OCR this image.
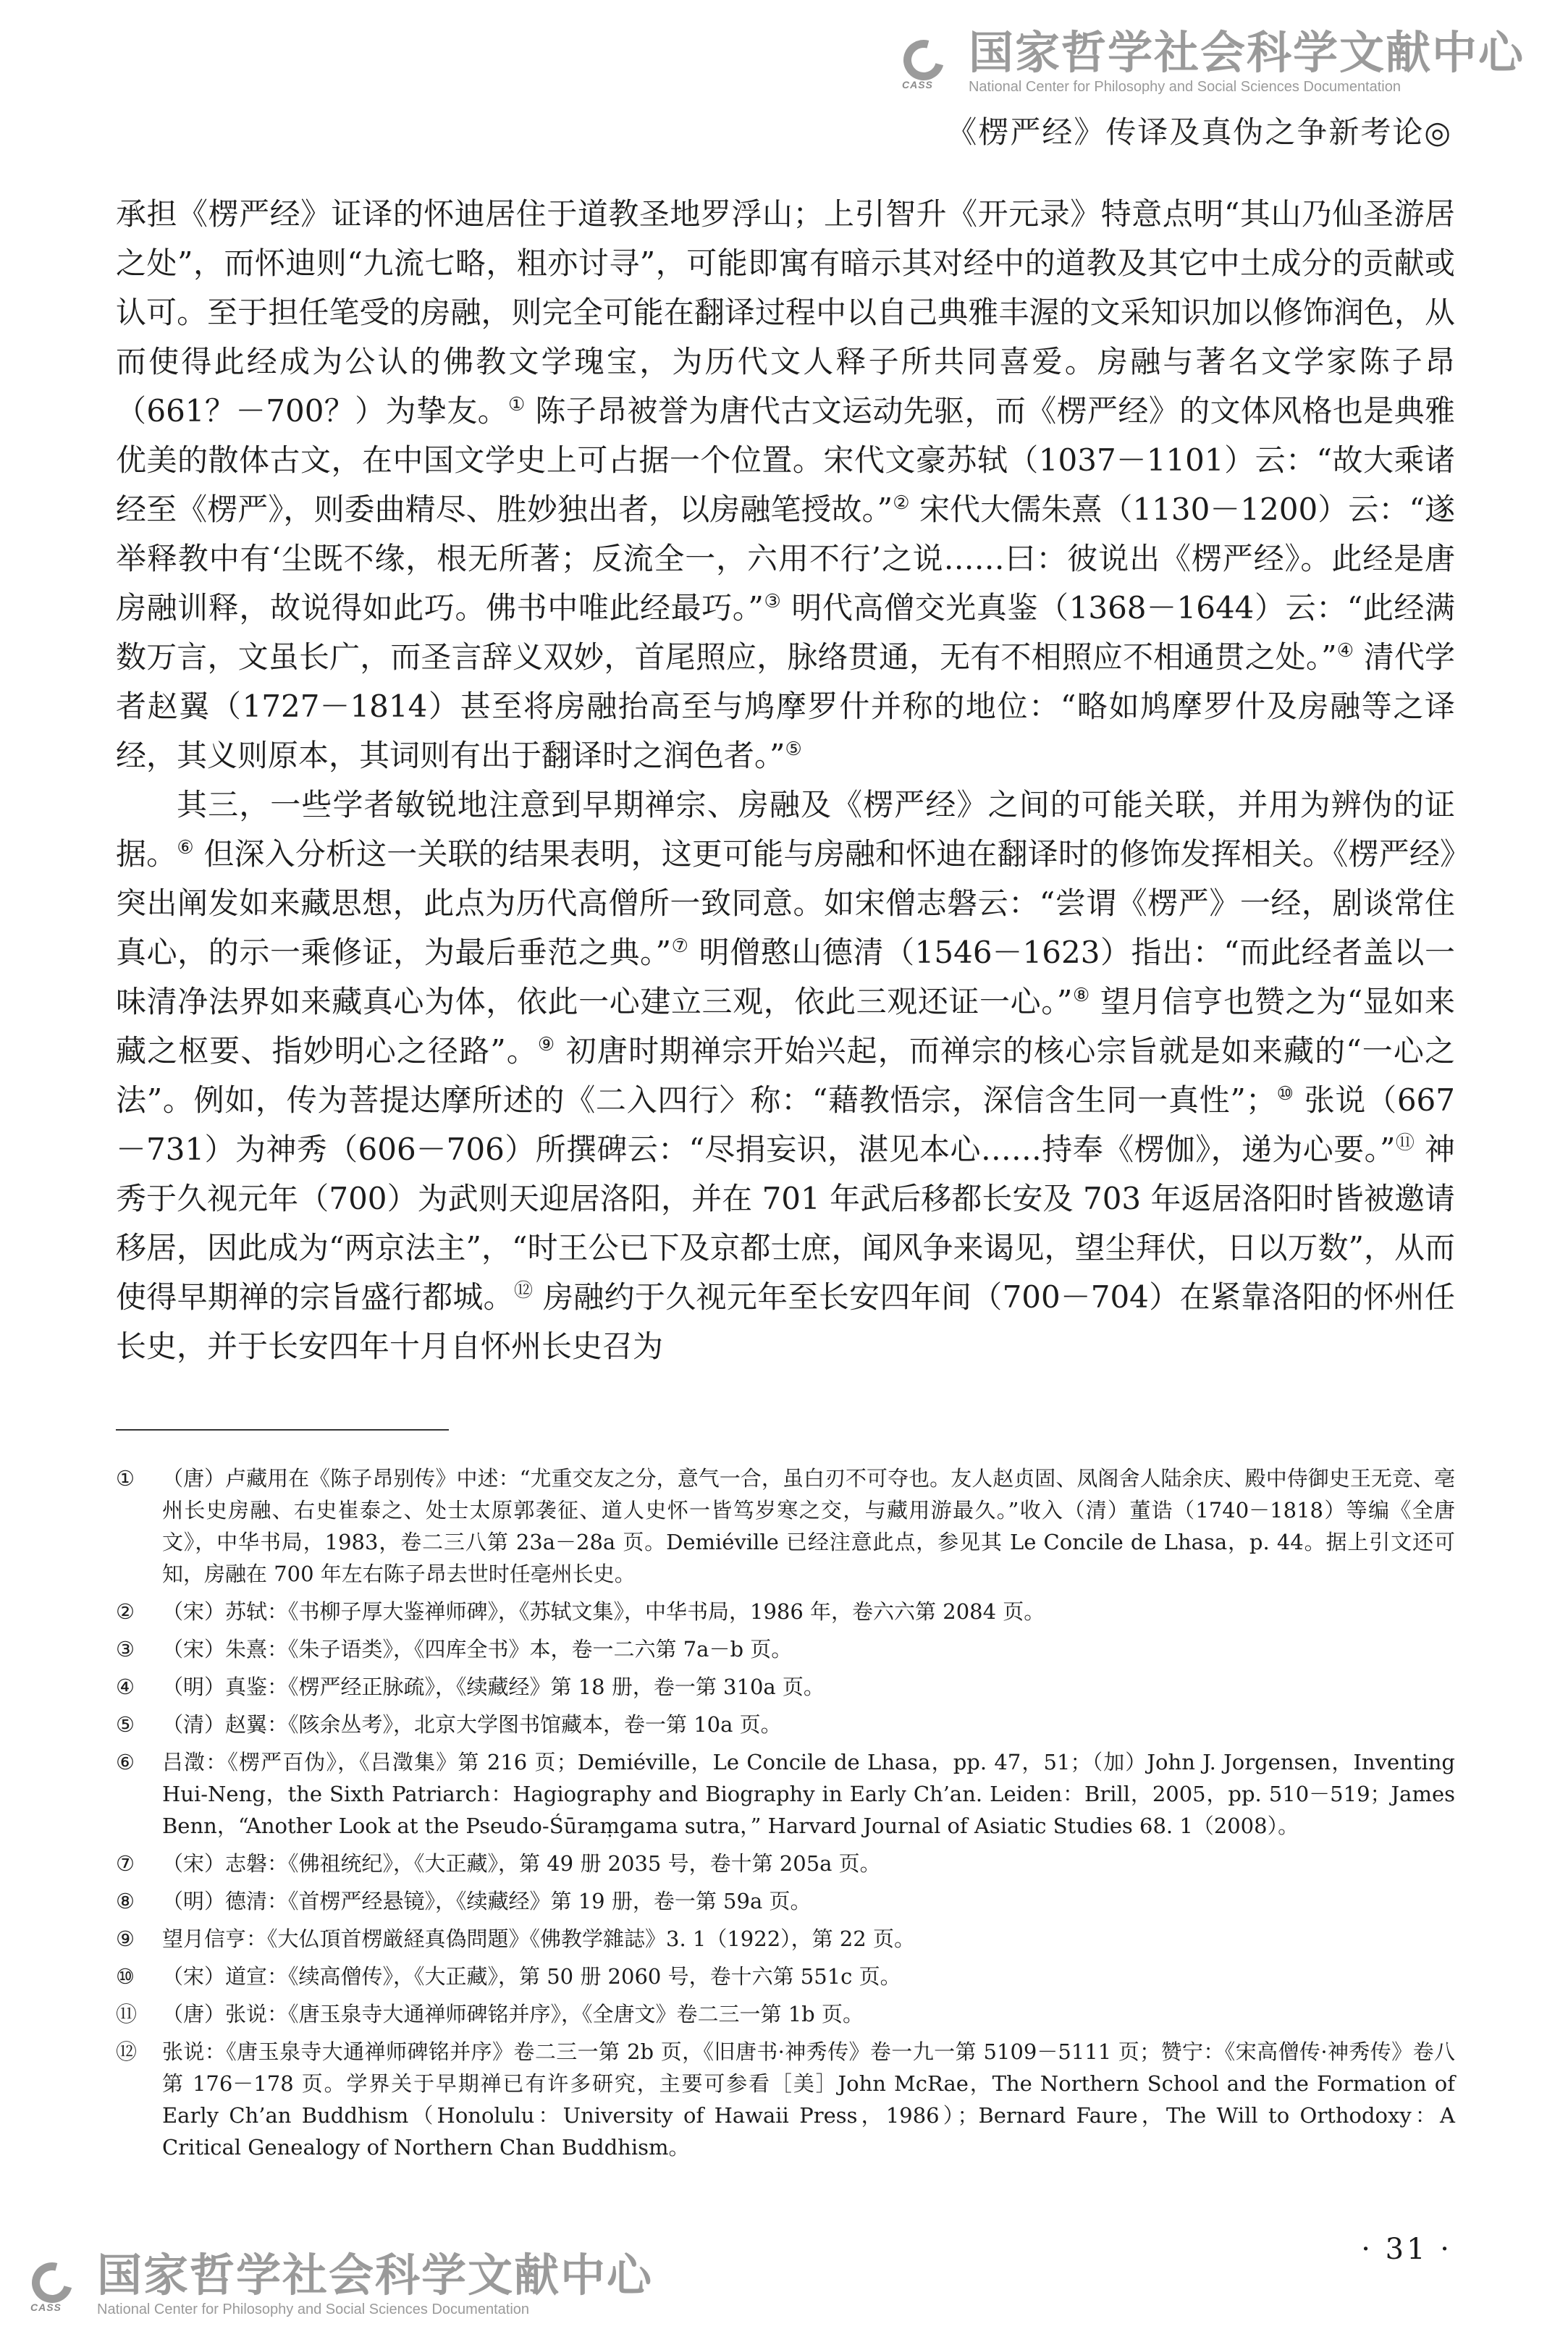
CASS
国家哲学社会科学文献中心
National Center for Philosophy and Social Sciences Documentation
《楞严经》传译及真伪之争新考论◎

承担《楞严经》证译的怀迪居住于道教圣地罗浮山；上引智升《开元录》特意点明“其山乃仙圣游居之处”，而怀迪则“九流七略，粗亦讨寻”，可能即寓有暗示其对经中的道教及其它中土成分的贡献或认可。至于担任笔受的房融，则完全可能在翻译过程中以自己典雅丰渥的文采知识加以修饰润色，从而使得此经成为公认的佛教文学瑰宝，为历代文人释子所共同喜爱。房融与著名文学家陈子昂（661？－700？）为挚友。① 陈子昂被誉为唐代古文运动先驱，而《楞严经》的文体风格也是典雅优美的散体古文，在中国文学史上可占据一个位置。宋代文豪苏轼（1037－1101）云：“故大乘诸经至《楞严》，则委曲精尽、胜妙独出者，以房融笔授故。”② 宋代大儒朱熹（1130－1200）云：“遂举释教中有‘尘既不缘，根无所著；反流全一，六用不行’之说……曰：彼说出《楞严经》。此经是唐房融训释，故说得如此巧。佛书中唯此经最巧。”③ 明代高僧交光真鉴（1368－1644）云：“此经满数万言，文虽长广，而圣言辞义双妙，首尾照应，脉络贯通，无有不相照应不相通贯之处。”④ 清代学者赵翼（1727－1814）甚至将房融抬高至与鸠摩罗什并称的地位：“略如鸠摩罗什及房融等之译经，其义则原本，其词则有出于翻译时之润色者。”⑤

其三，一些学者敏锐地注意到早期禅宗、房融及《楞严经》之间的可能关联，并用为辨伪的证据。⑥ 但深入分析这一关联的结果表明，这更可能与房融和怀迪在翻译时的修饰发挥相关。《楞严经》突出阐发如来藏思想，此点为历代高僧所一致同意。如宋僧志磐云：“尝谓《楞严》一经，剧谈常住真心，的示一乘修证，为最后垂范之典。”⑦ 明僧憨山德清（1546－1623）指出：“而此经者盖以一味清净法界如来藏真心为体，依此一心建立三观，依此三观还证一心。”⑧ 望月信亨也赞之为“显如来藏之枢要、指妙明心之径路”。⑨ 初唐时期禅宗开始兴起，而禅宗的核心宗旨就是如来藏的“一心之法”。例如，传为菩提达摩所述的《二入四行〉称：“藉教悟宗，深信含生同一真性”；⑩ 张说（667－731）为神秀（606－706）所撰碑云：“尽捐妄识，湛见本心……持奉《楞伽》，递为心要。”⑪ 神秀于久视元年（700）为武则天迎居洛阳，并在 701 年武后移都长安及 703 年返居洛阳时皆被邀请移居，因此成为“两京法主”，“时王公已下及京都士庶，闻风争来谒见，望尘拜伏，日以万数”，从而使得早期禅的宗旨盛行都城。⑫ 房融约于久视元年至长安四年间（700－704）在紧靠洛阳的怀州任长史，并于长安四年十月自怀州长史召为

①	（唐）卢藏用在《陈子昂别传》中述：“尤重交友之分，意气一合，虽白刃不可夺也。友人赵贞固、凤阁舍人陆余庆、殿中侍御史王无竞、亳州长史房融、右史崔泰之、处士太原郭袭征、道人史怀一皆笃岁寒之交，与藏用游最久。”收入（清）董诰（1740－1818）等编《全唐文》，中华书局，1983，卷二三八第 23a－28a 页。Demiéville 已经注意此点，参见其 Le Concile de Lhasa，p. 44。据上引文还可知，房融在 700 年左右陈子昂去世时任亳州长史。
②	（宋）苏轼：《书柳子厚大鉴禅师碑》，《苏轼文集》，中华书局，1986 年，卷六六第 2084 页。
③	（宋）朱熹：《朱子语类》，《四库全书》本，卷一二六第 7a－b 页。
④	（明）真鉴：《楞严经正脉疏》，《续藏经》第 18 册，卷一第 310a 页。
⑤	（清）赵翼：《陔余丛考》，北京大学图书馆藏本，卷一第 10a 页。
⑥	吕澂：《楞严百伪》，《吕澂集》第 216 页；Demiéville，Le Concile de Lhasa，pp. 47，51；（加）John J. Jorgensen，Inventing Hui-Neng，the Sixth Patriarch：Hagiography and Biography in Early Ch’an. Leiden：Brill，2005，pp. 510－519；James Benn，“Another Look at the Pseudo-Śūraṃgama sutra，” Harvard Journal of Asiatic Studies 68. 1（2008）。
⑦	（宋）志磐：《佛祖统纪》，《大正藏》，第 49 册 2035 号，卷十第 205a 页。
⑧	（明）德清：《首楞严经悬镜》，《续藏经》第 19 册，卷一第 59a 页。
⑨	望月信亨：《大仏頂首楞厳経真偽問題》《佛教学雜誌》3. 1（1922），第 22 页。
⑩	（宋）道宣：《续高僧传》，《大正藏》，第 50 册 2060 号，卷十六第 551c 页。
⑪	（唐）张说：《唐玉泉寺大通禅师碑铭并序》，《全唐文》卷二三一第 1b 页。
⑫	张说：《唐玉泉寺大通禅师碑铭并序》卷二三一第 2b 页，《旧唐书·神秀传》卷一九一第 5109－5111 页；赞宁：《宋高僧传·神秀传》卷八第 176－178 页。学界关于早期禅已有许多研究，主要可参看［美］John McRae，The Northern School and the Formation of Early Ch’an Buddhism（Honolulu：University of Hawaii Press，1986）；Bernard Faure，The Will to Orthodoxy：A Critical Genealogy of Northern Chan Buddhism。
· 31 ·
CASS
国家哲学社会科学文献中心
National Center for Philosophy and Social Sciences Documentation
